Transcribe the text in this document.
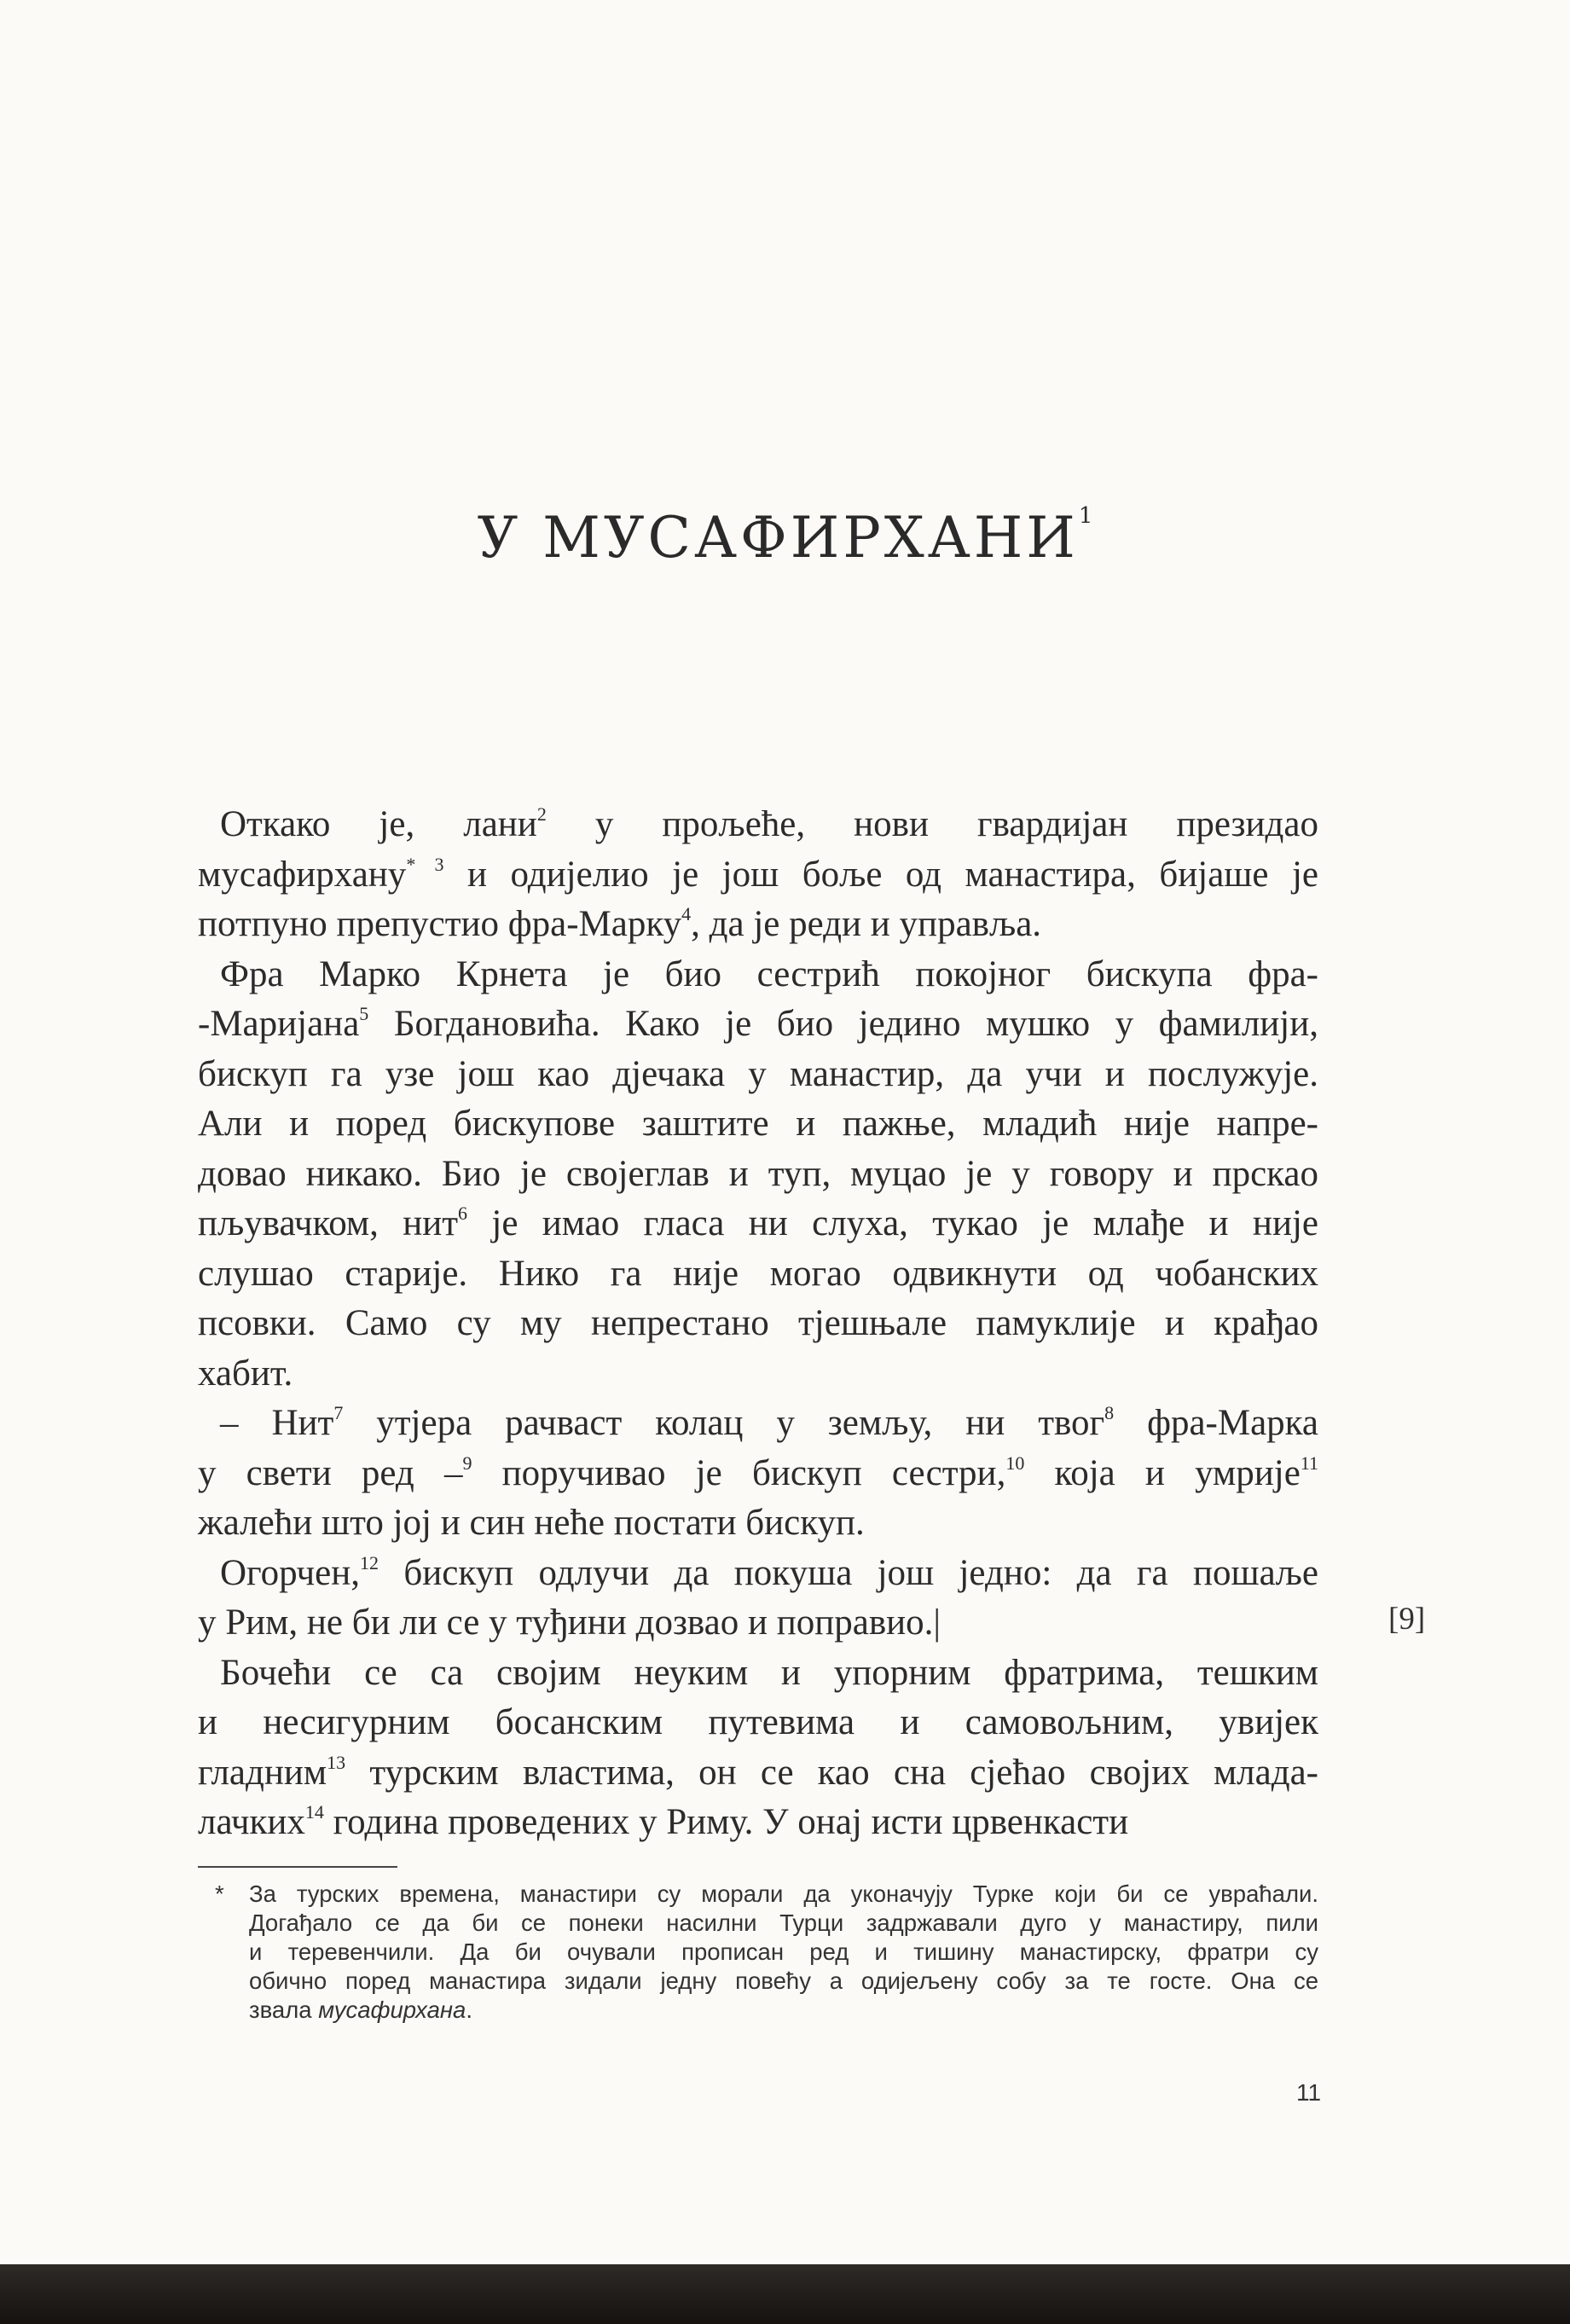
У МУСАФИРХАНИ$^1$
Откако је, лани$^2$ у прољеће, нови гвардијан президао
мусафирхану$^{* 3}$ и одијелио је још боље од манастира, бијаше је
потпуно препустио фра-Марку$^4$, да је реди и управља.
Фра Марко Крнета је био сестрић покојног бискупа фра-
-Маријана$^5$ Богдановића. Како је био једино мушко у фамилији,
бискуп га узе још као дјечака у манастир, да учи и послужује.
Али и поред бискупове заштите и пажње, младић није напре-
довао никако. Био је својеглав и туп, муцао је у говору и прскао
пљувачком, нит$^6$ је имао гласа ни слуха, тукао је млађе и није
слушао старије. Нико га није могао одвикнути од чобанских
псовки. Само су му непрестано тјешњале памуклије и крађао
хабит.
– Нит$^7$ утјера рачваст колац у земљу, ни твог$^8$ фра-Марка
у свети ред –$^9$ поручивао је бискуп сестри,$^{10}$ која и умрије$^{11}$
жалећи што јој и син неће постати бискуп.
Огорчен,$^{12}$ бискуп одлучи да покуша још једно: да га пошаље
у Рим, не би ли се у туђини дозвао и поправио.|
Бочећи се са својим неуким и упорним фратрима, тешким
и несигурним босанским путевима и самовољним, увијек
гладним$^{13}$ турским властима, он се као сна сјећао својих млада-
лачких$^{14}$ година проведених у Риму. У онај исти црвенкасти
[9]
* За турских времена, манастири су морали да уконачују Турке који би се уврaћали.
Догађало се да би се понеки насилни Турци задржавали дуго у манастиру, пили
и теревенчили. Да би очували прописан ред и тишину манастирску, фратри су
обично поред манастира зидали једну повећу а одијељену собу за те госте. Она се
звала мусафирхана.
11
